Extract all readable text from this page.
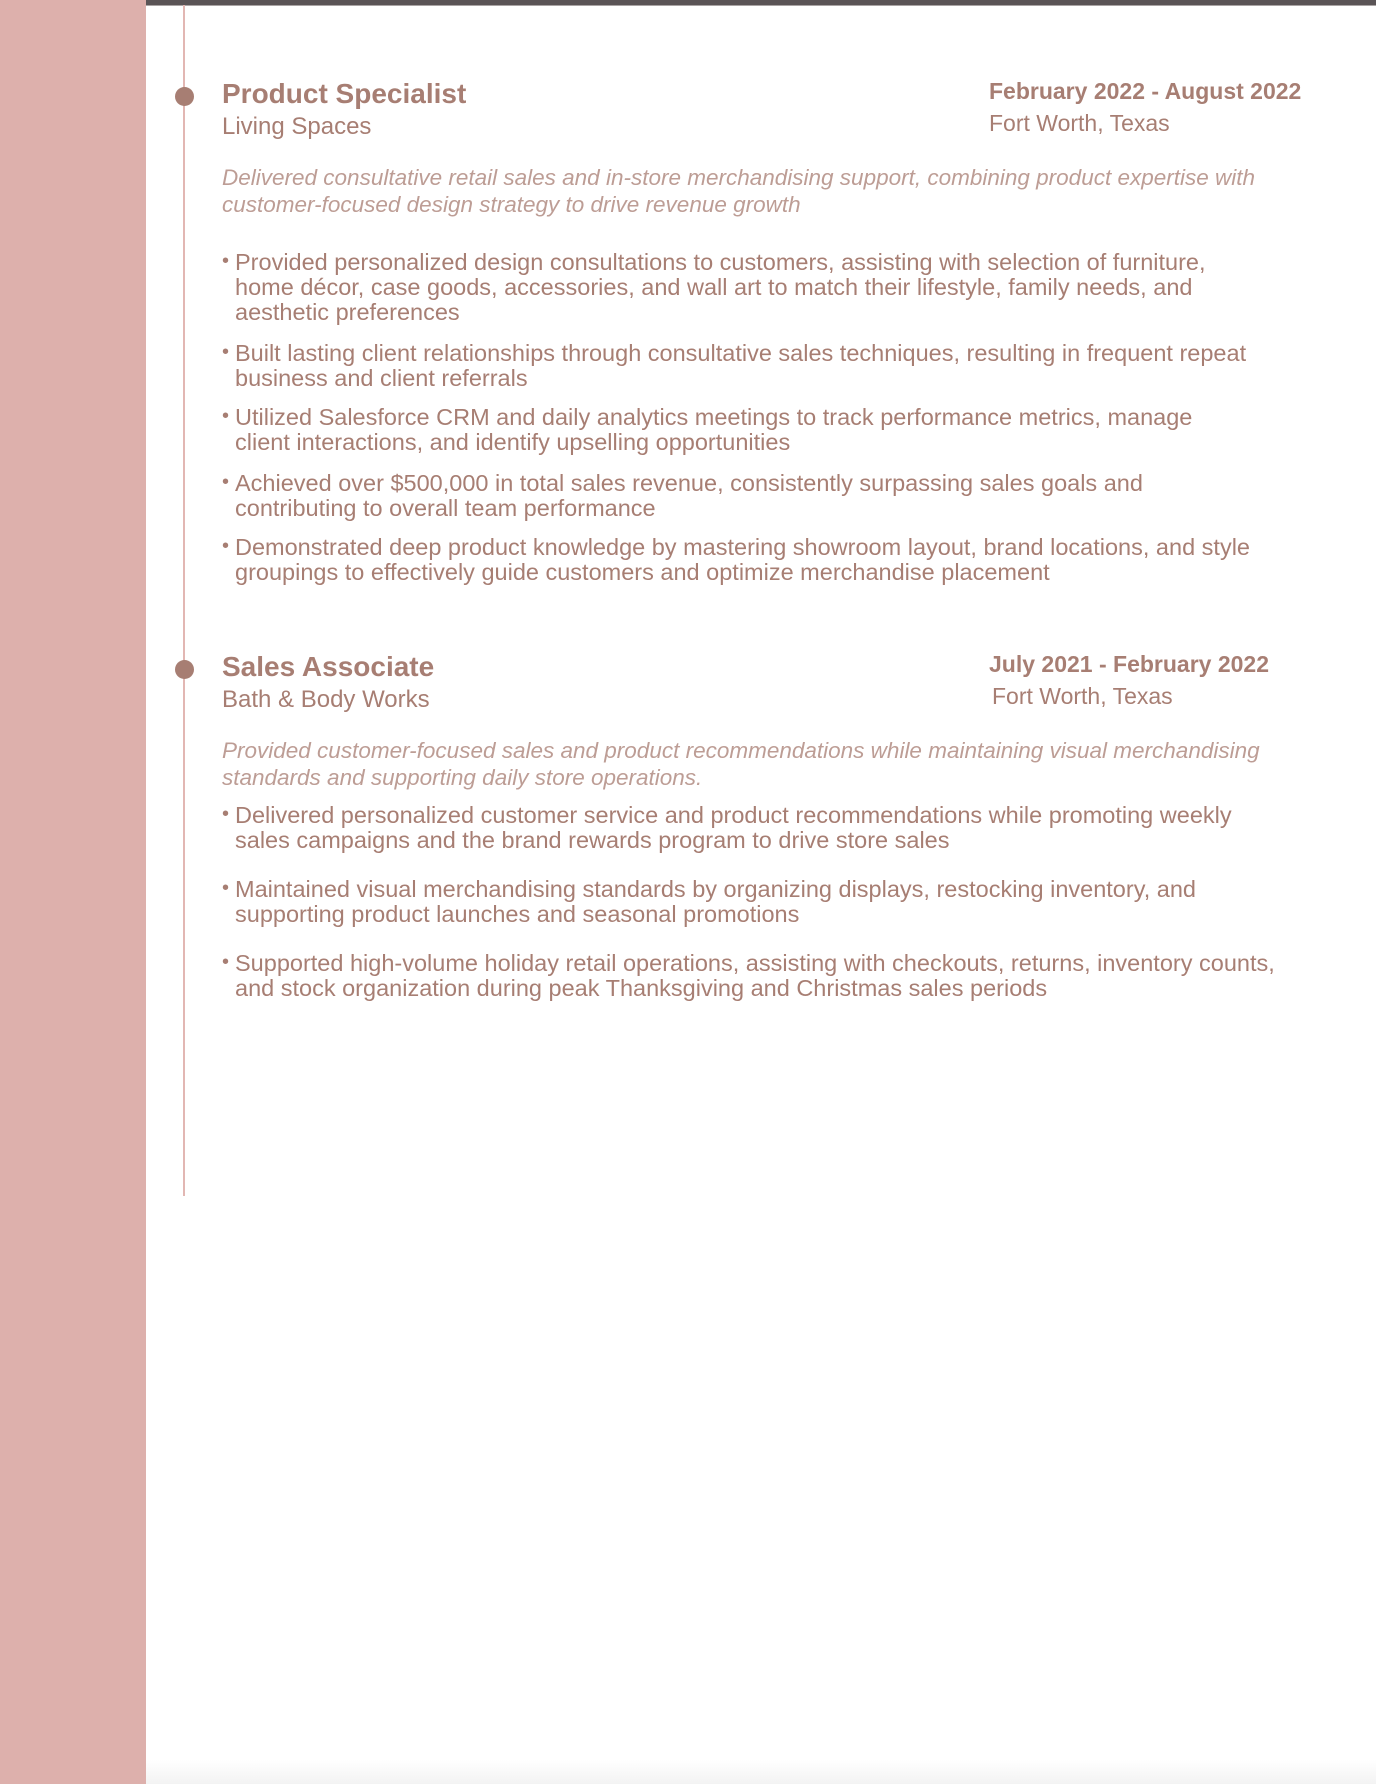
Product Specialist
Living Spaces
February 2022 - August 2022
Fort Worth, Texas
Delivered consultative retail sales and in-store merchandising support, combining product expertise with
customer-focused design strategy to drive revenue growth
• Provided personalized design consultations to customers, assisting with selection of furniture,
home décor, case goods, accessories, and wall art to match their lifestyle, family needs, and
aesthetic preferences
• Built lasting client relationships through consultative sales techniques, resulting in frequent repeat
business and client referrals
• Utilized Salesforce CRM and daily analytics meetings to track performance metrics, manage
client interactions, and identify upselling opportunities
• Achieved over $500,000 in total sales revenue, consistently surpassing sales goals and
contributing to overall team performance
• Demonstrated deep product knowledge by mastering showroom layout, brand locations, and style
groupings to effectively guide customers and optimize merchandise placement
Sales Associate
Bath & Body Works
July 2021 - February 2022
Fort Worth, Texas
Provided customer-focused sales and product recommendations while maintaining visual merchandising
standards and supporting daily store operations.
• Delivered personalized customer service and product recommendations while promoting weekly
sales campaigns and the brand rewards program to drive store sales
• Maintained visual merchandising standards by organizing displays, restocking inventory, and
supporting product launches and seasonal promotions
• Supported high-volume holiday retail operations, assisting with checkouts, returns, inventory counts,
and stock organization during peak Thanksgiving and Christmas sales periods
